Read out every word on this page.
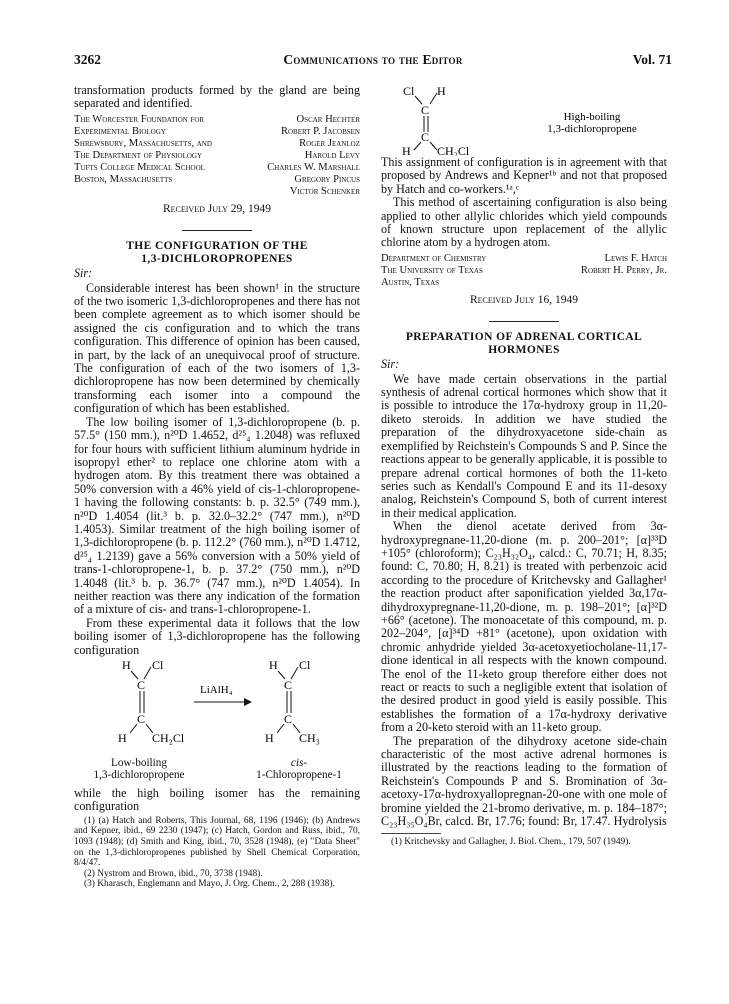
3262	Communications to the Editor	Vol. 71

transformation products formed by the gland are being separated and identified.

The Worcester Foundation for	Oscar Hechter
Experimental Biology	Robert P. Jacobsen
Shrewsbury, Massachusetts, and	Roger Jeanloz
The Department of Physiology	Harold Levy
Tufts College Medical School	Charles W. Marshall
Boston, Massachusetts	Gregory Pincus
Victor Schenker
Received July 29, 1949
THE CONFIGURATION OF THE
1,3-DICHLOROPROPENES
Sir:

Considerable interest has been shown¹ in the structure of the two isomeric 1,3-dichloropropenes and there has not been complete agreement as to which isomer should be assigned the cis configuration and to which the trans configuration. This difference of opinion has been caused, in part, by the lack of an unequivocal proof of structure. The configuration of each of the two isomers of 1,3-dichloropropene has now been determined by chemically transforming each isomer into a compound the configuration of which has been established.

The low boiling isomer of 1,3-dichloropropene (b. p. 57.5° (150 mm.), n²⁰D 1.4652, d²⁵₄ 1.2048) was refluxed for four hours with sufficient lithium aluminum hydride in isopropyl ether² to replace one chlorine atom with a hydrogen atom. By this treatment there was obtained a 50% conversion with a 46% yield of cis-1-chloropropene-1 having the following constants: b. p. 32.5° (749 mm.), n²⁰D 1.4054 (lit.³ b. p. 32.0–32.2° (747 mm.), n²⁰D 1.4053). Similar treatment of the high boiling isomer of 1,3-dichloropropene (b. p. 112.2° (760 mm.), n²⁰D 1.4712, d²⁵₄ 1.2139) gave a 56% conversion with a 50% yield of trans-1-chloropropene-1, b. p. 37.2° (750 mm.), n²⁰D 1.4048 (lit.³ b. p. 36.7° (747 mm.), n²⁰D 1.4054). In neither reaction was there any indication of the formation of a mixture of cis- and trans-1-chloropropene-1.

From these experimental data it follows that the low boiling isomer of 1,3-dichloropropene has the following configuration

H Cl
C
C
H CH₂Cl
LiAlH₄
H Cl
C
C
H CH₃
Low-boiling
1,3-dichloropropene
cis-
1-Chloropropene-1

while the high boiling isomer has the remaining configuration

(1) (a) Hatch and Roberts, This Journal, 68, 1196 (1946); (b) Andrews and Kepner, ibid., 69 2230 (1947); (c) Hatch, Gordon and Russ, ibid., 70, 1093 (1948); (d) Smith and King, ibid., 70, 3528 (1948), (e) "Data Sheet" on the 1,3-dichloropropenes published by Shell Chemical Corporation, 8/4/47.

(2) Nystrom and Brown, ibid., 70, 3738 (1948).

(3) Kharasch, Englemann and Mayo, J. Org. Chem., 2, 288 (1938).

Cl H
C
C
H CH₂Cl
High-boiling
1,3-dichloropropene

This assignment of configuration is in agreement with that proposed by Andrews and Kepner¹ᵇ and not that proposed by Hatch and co-workers.¹ᵃ,ᶜ

This method of ascertaining configuration is also being applied to other allylic chlorides which yield compounds of known structure upon replacement of the allylic chlorine atom by a hydrogen atom.

Department of Chemistry	Lewis F. Hatch
The University of Texas	Robert H. Perry, Jr.
Austin, Texas
Received July 16, 1949
PREPARATION OF ADRENAL CORTICAL
HORMONES
Sir:

We have made certain observations in the partial synthesis of adrenal cortical hormones which show that it is possible to introduce the 17α-hydroxy group in 11,20-diketo steroids. In addition we have studied the preparation of the dihydroxyacetone side-chain as exemplified by Reichstein's Compounds S and P. Since the reactions appear to be generally applicable, it is possible to prepare adrenal cortical hormones of both the 11-keto series such as Kendall's Compound E and its 11-desoxy analog, Reichstein's Compound S, both of current interest in their medical application.

When the dienol acetate derived from 3α-hydroxypregnane-11,20-dione (m. p. 200–201°; [α]³³D +105° (chloroform); C₂₃H₃₂O₄, calcd.: C, 70.71; H, 8.35; found: C, 70.80; H, 8.21) is treated with perbenzoic acid according to the procedure of Kritchevsky and Gallagher¹ the reaction product after saponification yielded 3α,17α-dihydroxypregnane-11,20-dione, m. p. 198–201°; [α]³²D +66° (acetone). The monoacetate of this compound, m. p. 202–204°, [α]³⁴D +81° (acetone), upon oxidation with chromic anhydride yielded 3α-acetoxyetiocholane-11,17-dione identical in all respects with the known compound. The enol of the 11-keto group therefore either does not react or reacts to such a negligible extent that isolation of the desired product in good yield is easily possible. This establishes the formation of a 17α-hydroxy derivative from a 20-keto steroid with an 11-keto group.

The preparation of the dihydroxy acetone side-chain characteristic of the most active adrenal hormones is illustrated by the reactions leading to the formation of Reichstein's Compounds P and S. Bromination of 3α-acetoxy-17α-hydroxyallopregnan-20-one with one mole of bromine yielded the 21-bromo derivative, m. p. 184–187°; C₂₃H₃₅O₄Br, calcd. Br, 17.76; found: Br, 17.47. Hydrolysis

(1) Kritchevsky and Gallagher, J. Biol. Chem., 179, 507 (1949).
